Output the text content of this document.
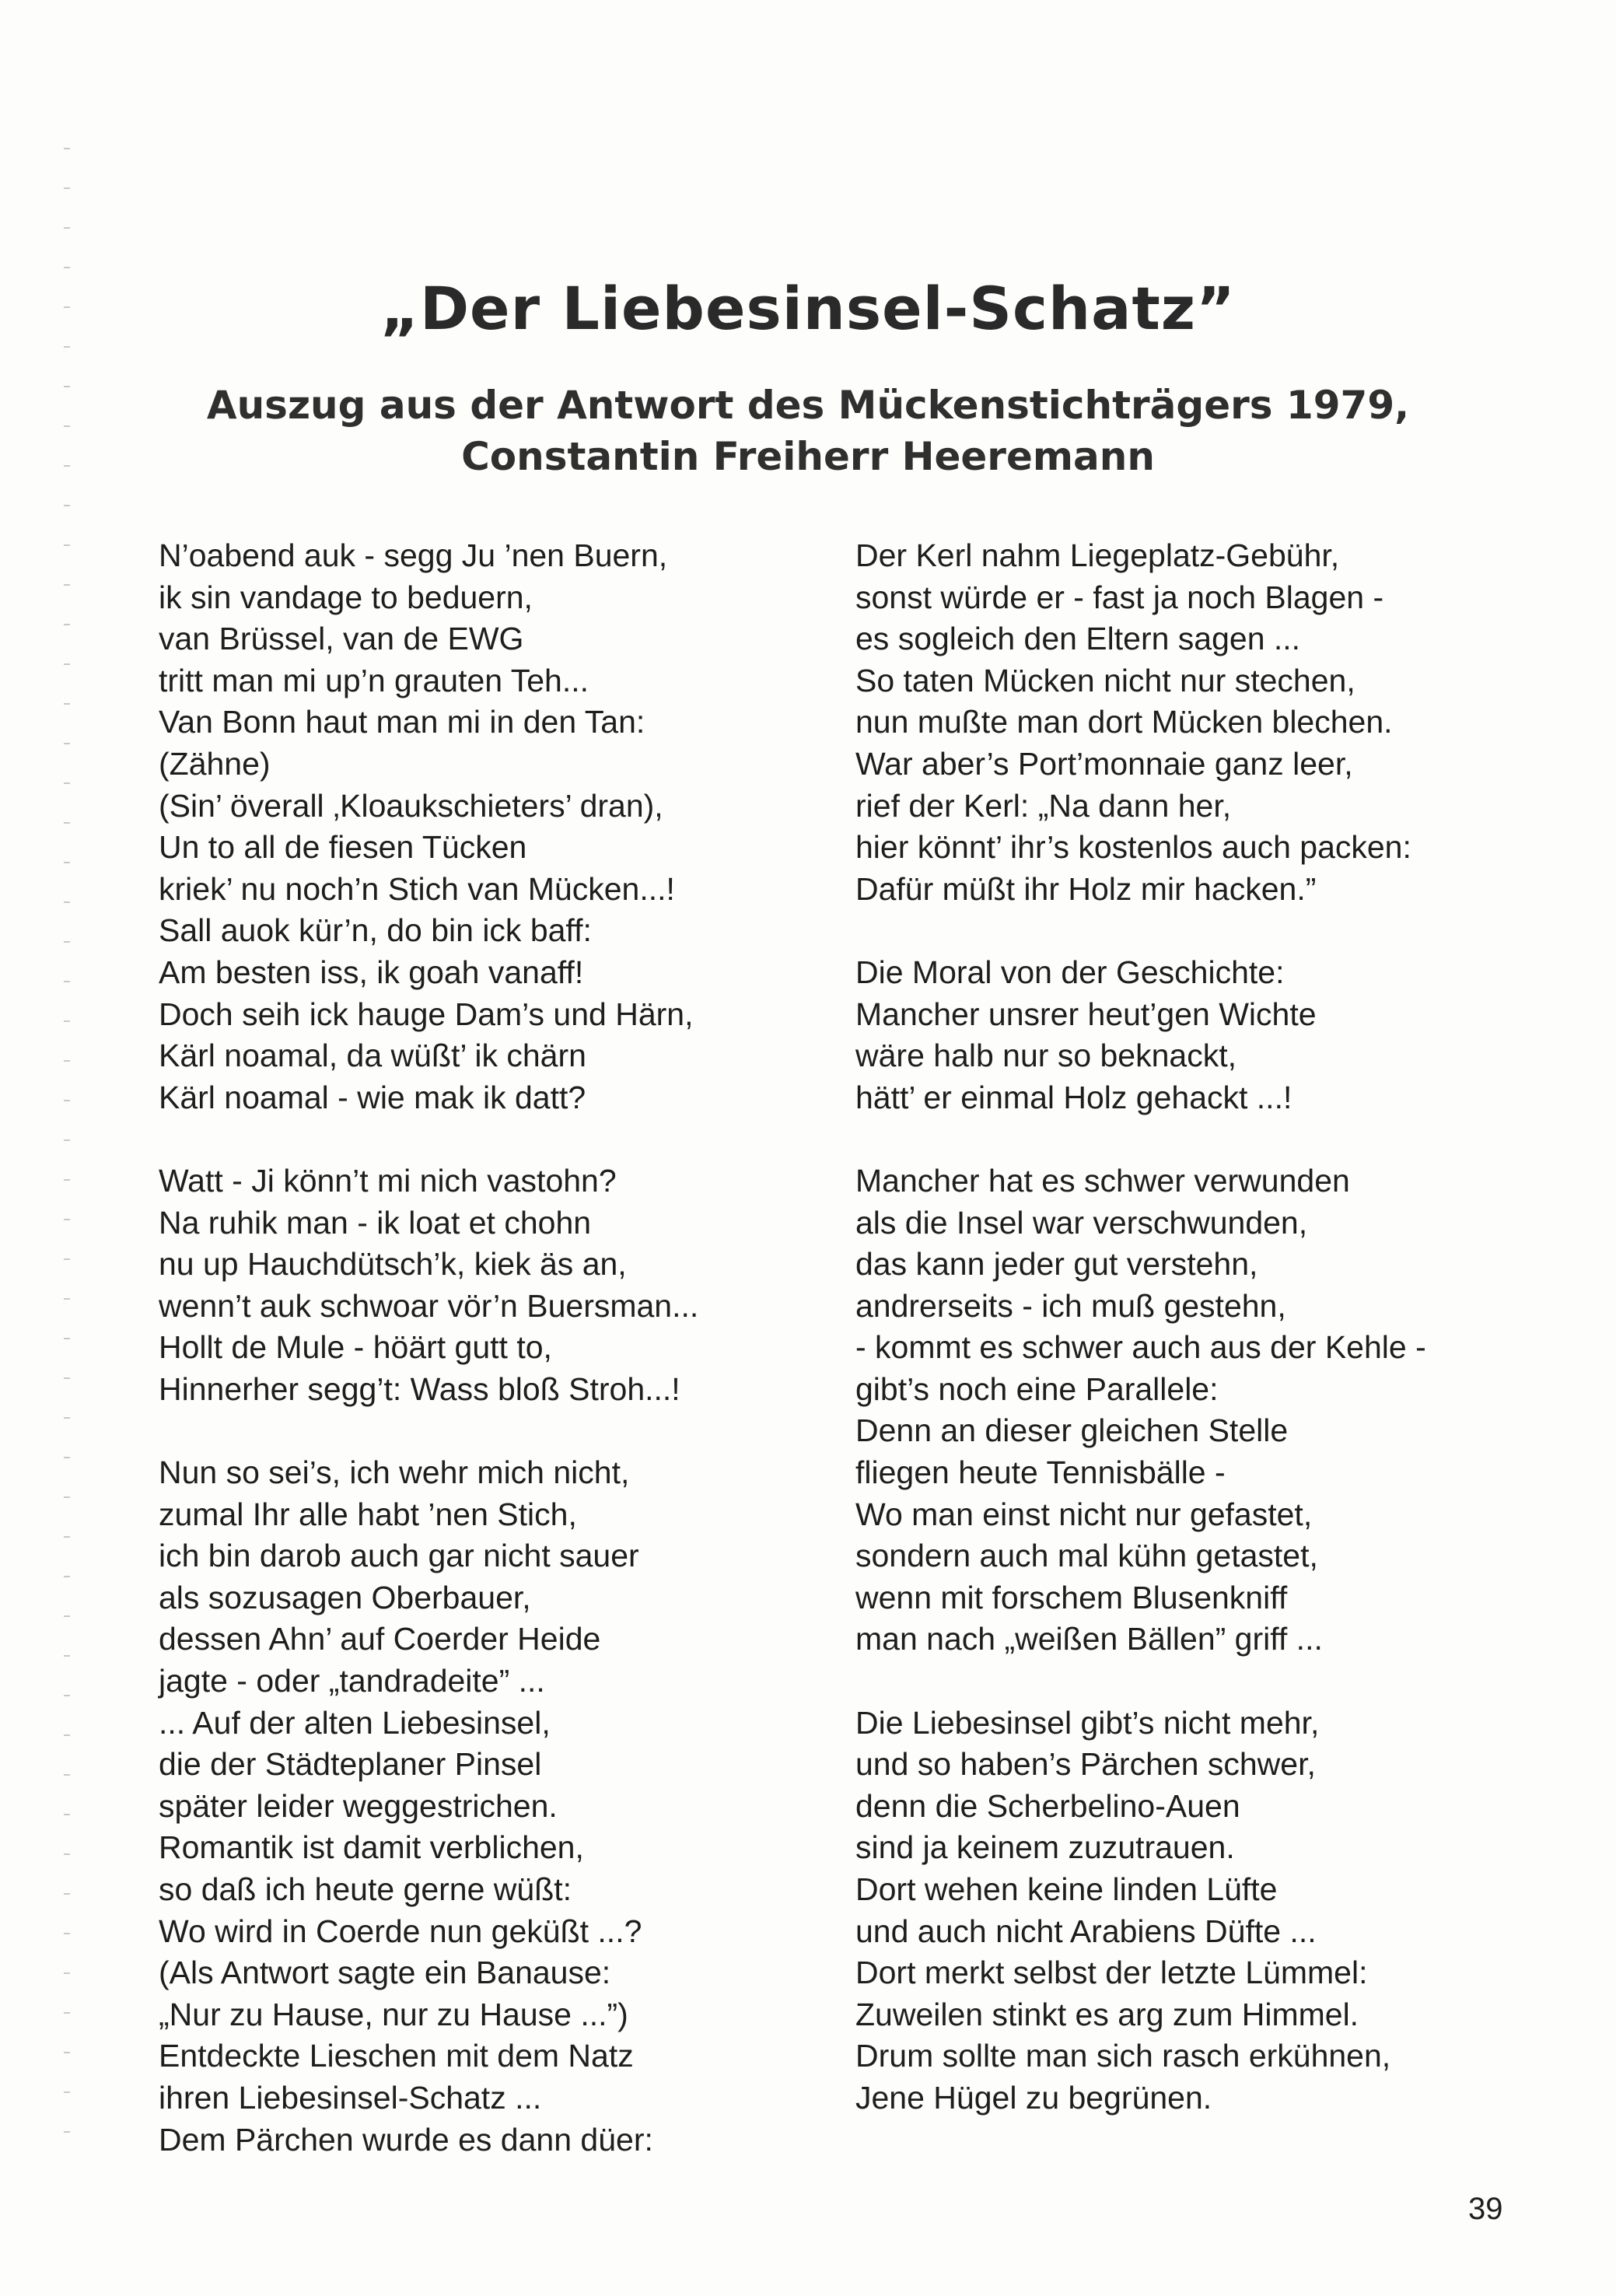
„Der Liebesinsel-Schatz”
Auszug aus der Antwort des Mückenstichträgers 1979,
Constantin Freiherr Heeremann
N’oabend auk - segg Ju ’nen Buern,
ik sin vandage to beduern,
van Brüssel, van de EWG
tritt man mi up’n grauten Teh...
Van Bonn haut man mi in den Tan:
(Zähne)
(Sin’ överall ‚Kloaukschieters’ dran),
Un to all de fiesen Tücken
kriek’ nu noch’n Stich van Mücken...!
Sall auok kür’n, do bin ick baff:
Am besten iss, ik goah vanaff!
Doch seih ick hauge Dam’s und Härn,
Kärl noamal, da wüßt’ ik chärn
Kärl noamal - wie mak ik datt?
Watt - Ji könn’t mi nich vastohn?
Na ruhik man - ik loat et chohn
nu up Hauchdütsch’k, kiek äs an,
wenn’t auk schwoar vör’n Buersman...
Hollt de Mule - höärt gutt to,
Hinnerher segg’t: Wass bloß Stroh...!
Nun so sei’s, ich wehr mich nicht,
zumal Ihr alle habt ’nen Stich,
ich bin darob auch gar nicht sauer
als sozusagen Oberbauer,
dessen Ahn’ auf Coerder Heide
jagte - oder „tandradeite” ...
... Auf der alten Liebesinsel,
die der Städteplaner Pinsel
später leider weggestrichen.
Romantik ist damit verblichen,
so daß ich heute gerne wüßt:
Wo wird in Coerde nun geküßt ...?
(Als Antwort sagte ein Banause:
„Nur zu Hause, nur zu Hause ...”)
Entdeckte Lieschen mit dem Natz
ihren Liebesinsel-Schatz ...
Dem Pärchen wurde es dann düer:
Der Kerl nahm Liegeplatz-Gebühr,
sonst würde er - fast ja noch Blagen -
es sogleich den Eltern sagen ...
So taten Mücken nicht nur stechen,
nun mußte man dort Mücken blechen.
War aber’s Port’monnaie ganz leer,
rief der Kerl: „Na dann her,
hier könnt’ ihr’s kostenlos auch packen:
Dafür müßt ihr Holz mir hacken.”
Die Moral von der Geschichte:
Mancher unsrer heut’gen Wichte
wäre halb nur so beknackt,
hätt’ er einmal Holz gehackt ...!
Mancher hat es schwer verwunden
als die Insel war verschwunden,
das kann jeder gut verstehn,
andrerseits - ich muß gestehn,
- kommt es schwer auch aus der Kehle -
gibt’s noch eine Parallele:
Denn an dieser gleichen Stelle
fliegen heute Tennisbälle -
Wo man einst nicht nur gefastet,
sondern auch mal kühn getastet,
wenn mit forschem Blusenkniff
man nach „weißen Bällen” griff ...
Die Liebesinsel gibt’s nicht mehr,
und so haben’s Pärchen schwer,
denn die Scherbelino-Auen
sind ja keinem zuzutrauen.
Dort wehen keine linden Lüfte
und auch nicht Arabiens Düfte ...
Dort merkt selbst der letzte Lümmel:
Zuweilen stinkt es arg zum Himmel.
Drum sollte man sich rasch erkühnen,
Jene Hügel zu begrünen.
39
